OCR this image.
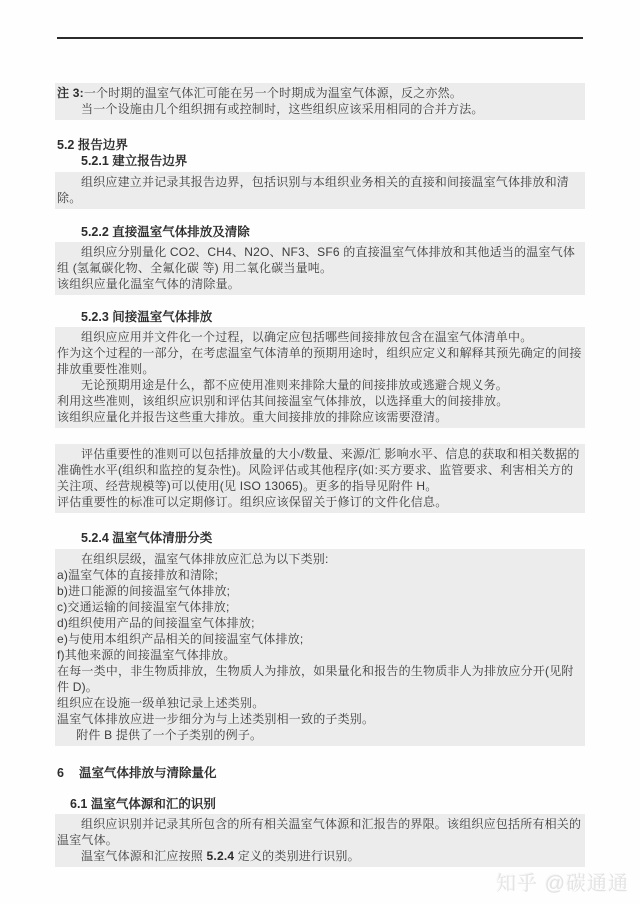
注 3:一个时期的温室气体汇可能在另一个时期成为温室气体源，反之亦然。

当一个设施由几个组织拥有或控制时，这些组织应该采用相同的合并方法。

5.2 报告边界

5.2.1 建立报告边界

组织应建立并记录其报告边界，包括识别与本组织业务相关的直接和间接温室气体排放和清除。

5.2.2 直接温室气体排放及清除

组织应分别量化 CO2、CH4、N2O、NF3、SF6 的直接温室气体排放和其他适当的温室气体组 (氢氟碳化物、全氟化碳 等) 用二氧化碳当量吨。

该组织应量化温室气体的清除量。

5.2.3 间接温室气体排放

组织应应用并文件化一个过程，以确定应包括哪些间接排放包含在温室气体清单中。

作为这个过程的一部分，在考虑温室气体清单的预期用途时，组织应定义和解释其预先确定的间接排放重要性准则。

无论预期用途是什么，都不应使用准则来排除大量的间接排放或逃避合规义务。

利用这些准则，该组织应识别和评估其间接温室气体排放，以选择重大的间接排放。

该组织应量化并报告这些重大排放。重大间接排放的排除应该需要澄清。

评估重要性的准则可以包括排放量的大小/数量、来源/汇 影响水平、信息的获取和相关数据的准确性水平(组织和监控的复杂性)。风险评估或其他程序(如:买方要求、监管要求、利害相关方的关注项、经营规模等)可以使用(见 ISO 13065)。更多的指导见附件 H。

评估重要性的标准可以定期修订。组织应该保留关于修订的文件化信息。

5.2.4 温室气体清册分类

在组织层级，温室气体排放应汇总为以下类别:

a)温室气体的直接排放和清除;

b)进口能源的间接温室气体排放;

c)交通运输的间接温室气体排放;

d)组织使用产品的间接温室气体排放;

e)与使用本组织产品相关的间接温室气体排放;

f)其他来源的间接温室气体排放。

在每一类中，非生物质排放，生物质人为排放，如果量化和报告的生物质非人为排放应分开(见附件 D)。

组织应在设施一级单独记录上述类别。

温室气体排放应进一步细分为与上述类别相一致的子类别。

附件 B 提供了一个子类别的例子。

6 温室气体排放与清除量化

6.1 温室气体源和汇的识别

组织应识别并记录其所包含的所有相关温室气体源和汇报告的界限。该组织应包括所有相关的温室气体。

温室气体源和汇应按照 5.2.4 定义的类别进行识别。

知乎 @碳通通
